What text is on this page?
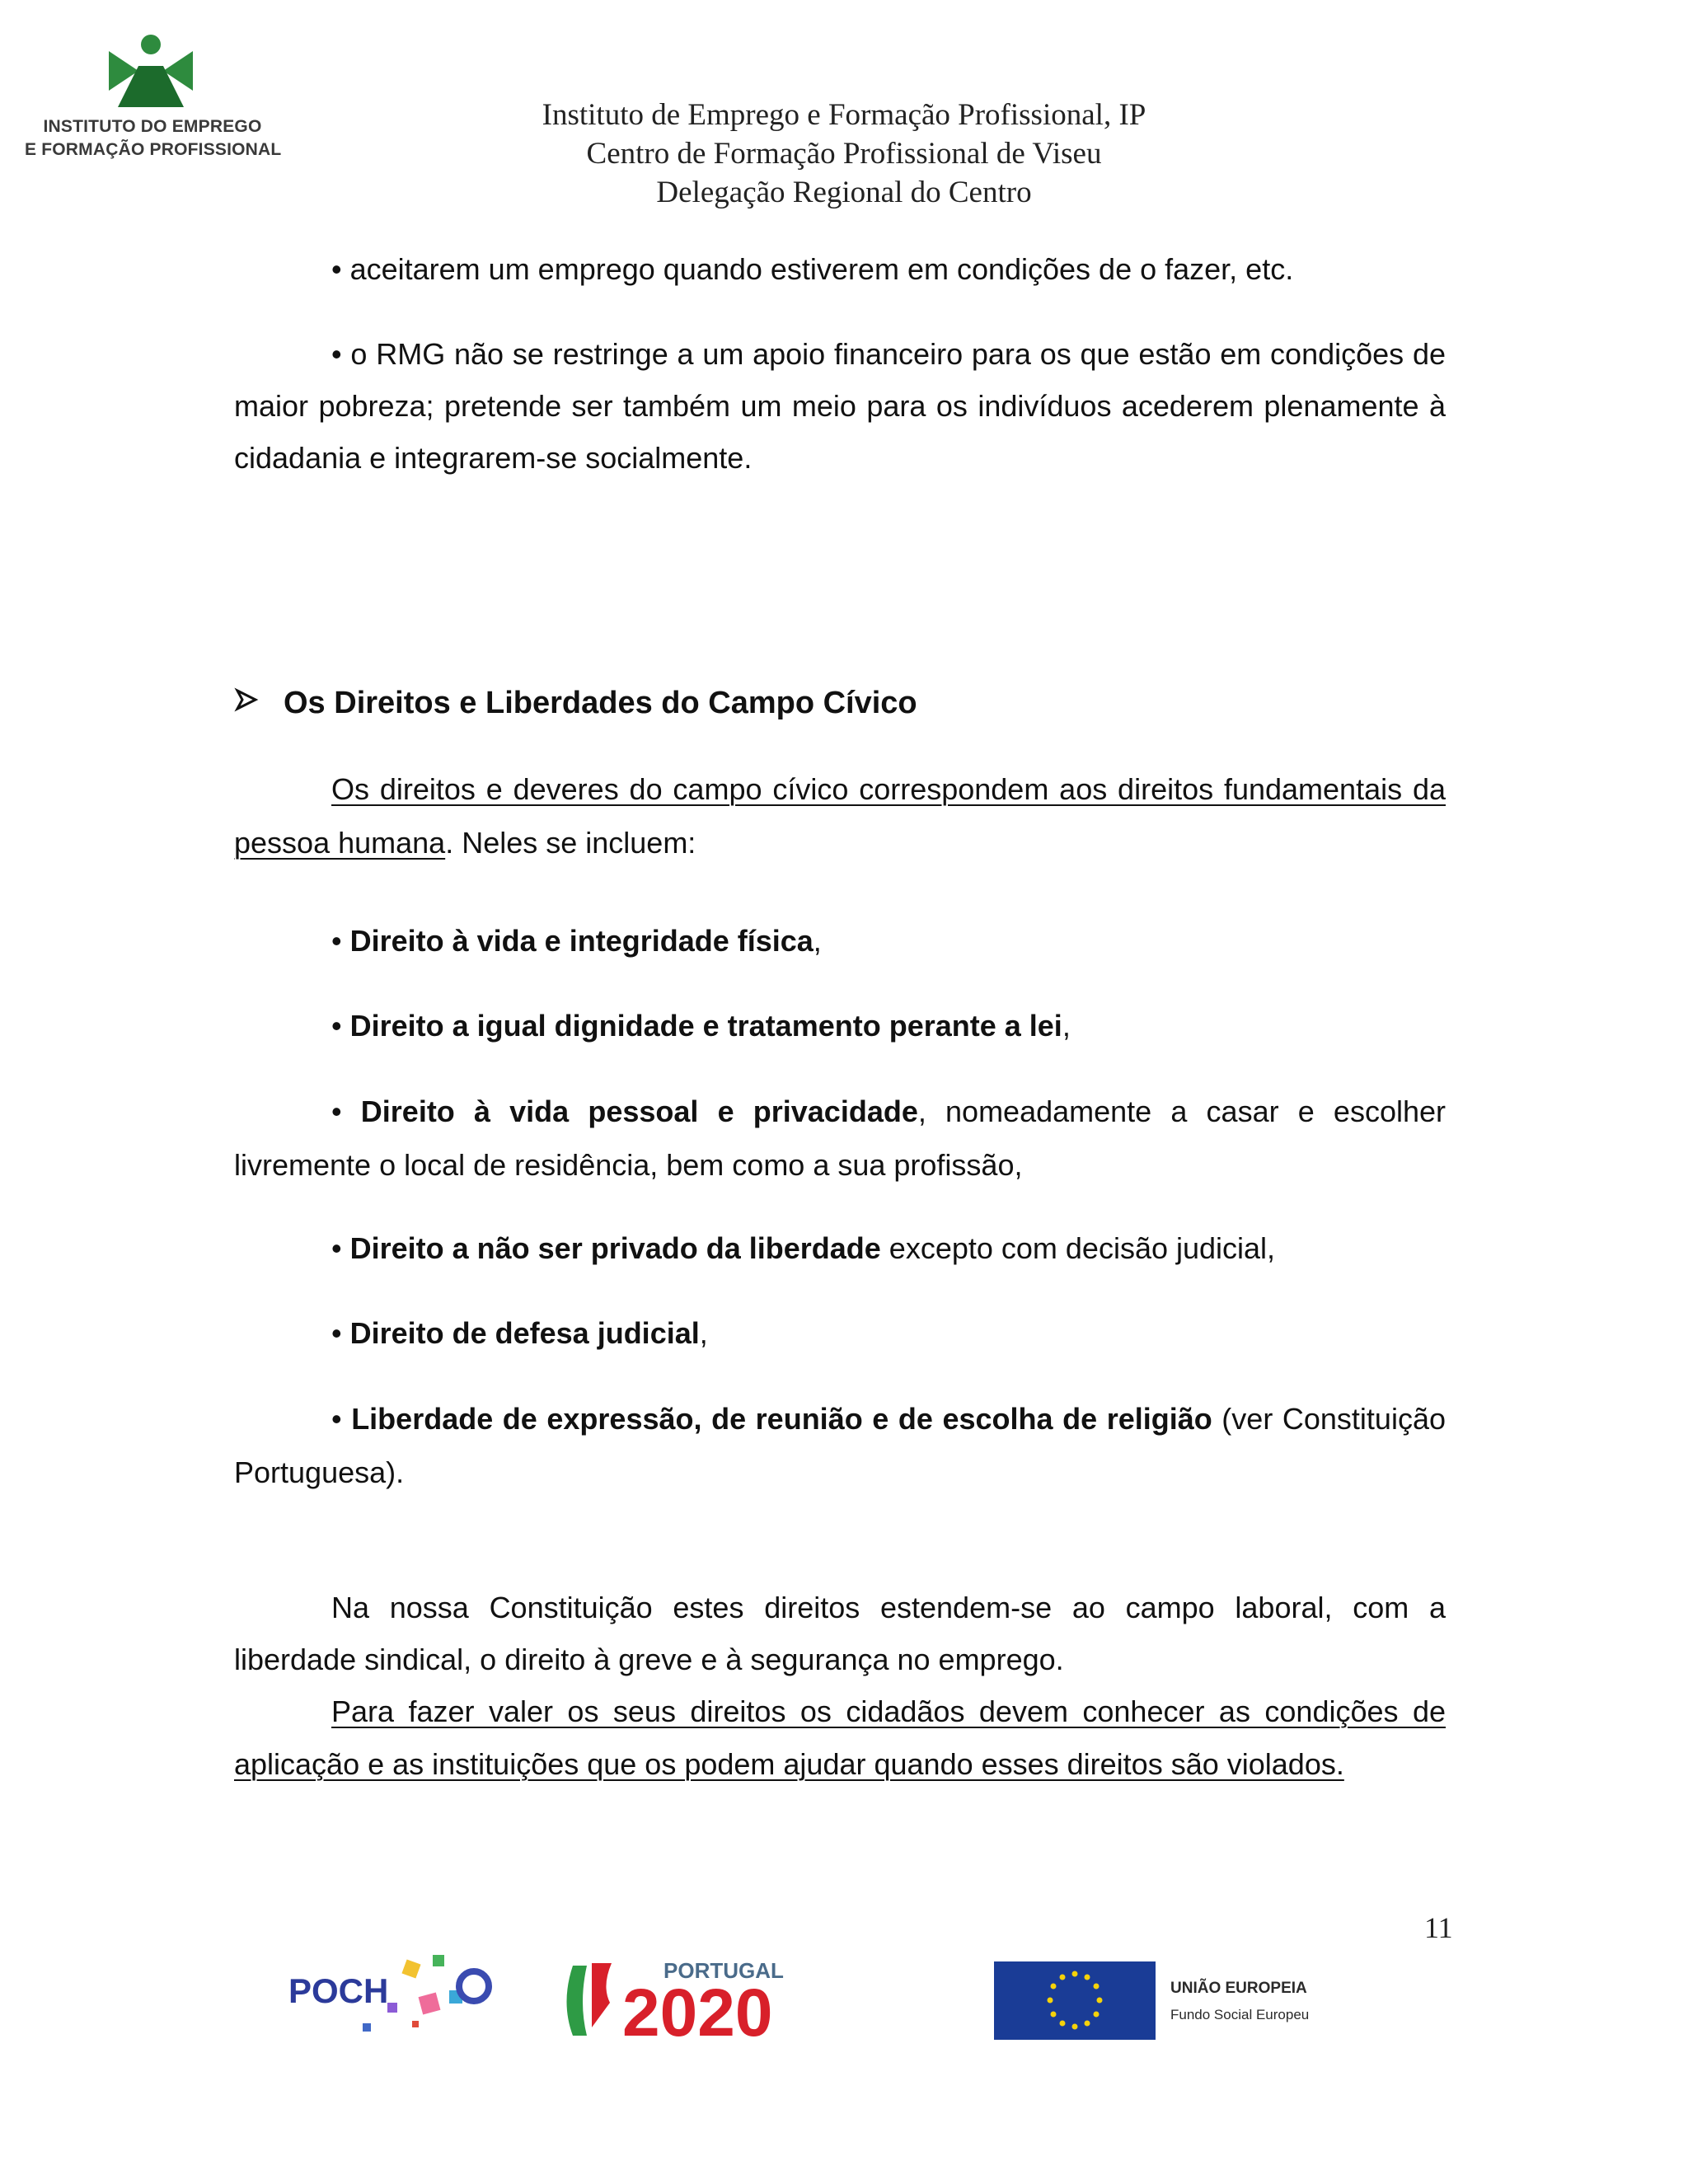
INSTITUTO DO EMPREGO
E FORMAÇÃO PROFISSIONAL
Instituto de Emprego e Formação Profissional, IP
Centro de Formação Profissional de Viseu
Delegação Regional do Centro

• aceitarem um emprego quando estiverem em condições de o fazer, etc.

• o RMG não se restringe a um apoio financeiro para os que estão em condições de maior pobreza; pretende ser também um meio para os indivíduos acederem plenamente à cidadania e integrarem-se socialmente.

Os Direitos e Liberdades do Campo Cívico

Os direitos e deveres do campo cívico correspondem aos direitos fundamentais da pessoa humana. Neles se incluem:

• Direito à vida e integridade física,

• Direito a igual dignidade e tratamento perante a lei,

• Direito à vida pessoal e privacidade, nomeadamente a casar e escolher livremente o local de residência, bem como a sua profissão,

• Direito a não ser privado da liberdade excepto com decisão judicial,

• Direito de defesa judicial,

• Liberdade de expressão, de reunião e de escolha de religião (ver Constituição Portuguesa).

Na nossa Constituição estes direitos estendem-se ao campo laboral, com a liberdade sindical, o direito à greve e à segurança no emprego.

Para fazer valer os seus direitos os cidadãos devem conhecer as condições de aplicação e as instituições que os podem ajudar quando esses direitos são violados.

11
POCH
PORTUGAL
2020	UNIÃO EUROPEIA
Fundo Social Europeu
